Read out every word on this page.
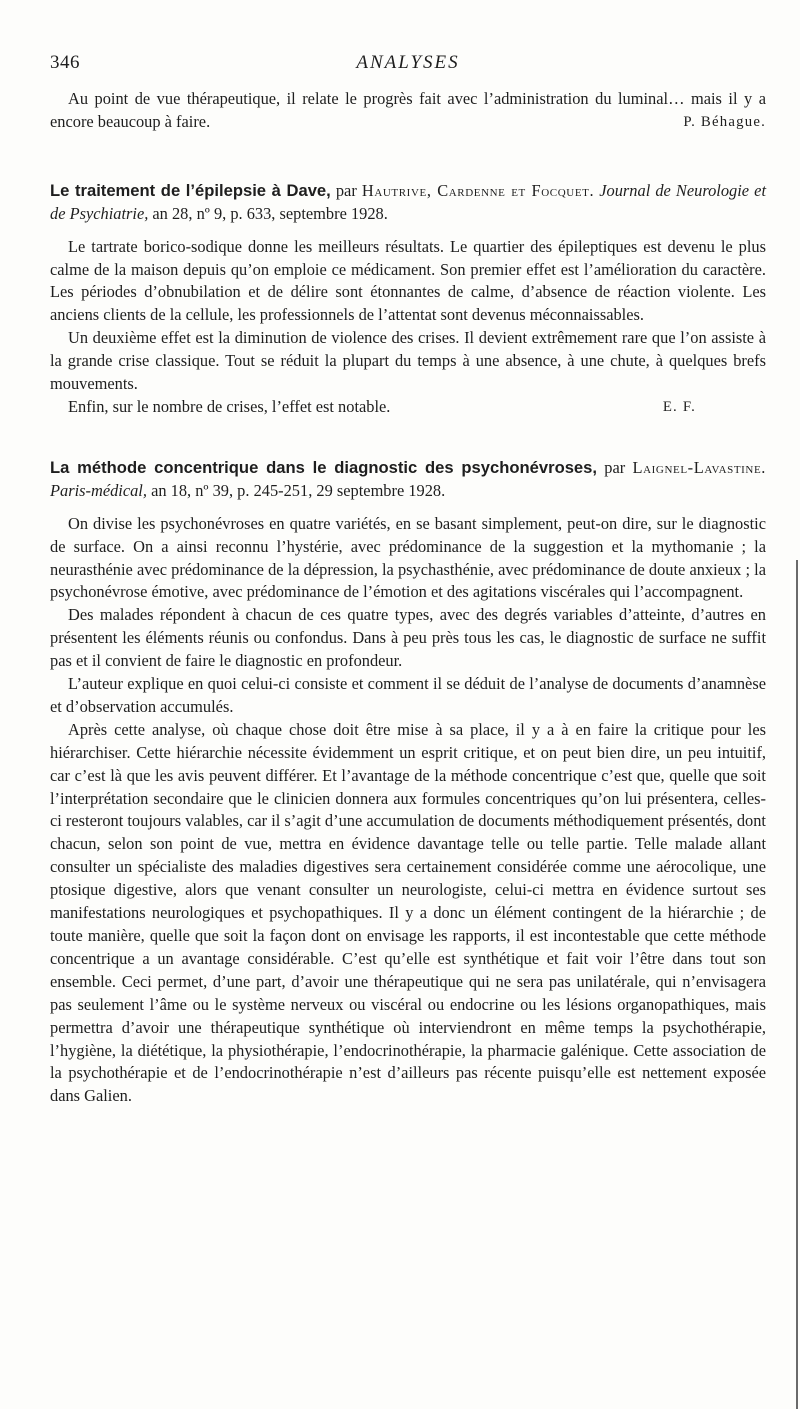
346	ANALYSES

Au point de vue thérapeutique, il relate le progrès fait avec l’administration du luminal… mais il y a encore beaucoup à faire.	P. Béhague.

Le traitement de l’épilepsie à Dave, par Hautrive, Cardenne et Focquet. Journal de Neurologie et de Psychiatrie, an 28, nº 9, p. 633, septembre 1928.

Le tartrate borico-sodique donne les meilleurs résultats. Le quartier des épileptiques est devenu le plus calme de la maison depuis qu’on emploie ce médicament. Son premier effet est l’amélioration du caractère. Les périodes d’obnubilation et de délire sont étonnantes de calme, d’absence de réaction violente. Les anciens clients de la cellule, les professionnels de l’attentat sont devenus méconnaissables.

Un deuxième effet est la diminution de violence des crises. Il devient extrêmement rare que l’on assiste à la grande crise classique. Tout se réduit la plupart du temps à une absence, à une chute, à quelques brefs mouvements.

Enfin, sur le nombre de crises, l’effet est notable.	E. F.

La méthode concentrique dans le diagnostic des psychonévroses, par Laignel-Lavastine. Paris-médical, an 18, nº 39, p. 245-251, 29 septembre 1928.

On divise les psychonévroses en quatre variétés, en se basant simplement, peut-on dire, sur le diagnostic de surface. On a ainsi reconnu l’hystérie, avec prédominance de la suggestion et la mythomanie ; la neurasthénie avec prédominance de la dépression, la psychasthénie, avec prédominance de doute anxieux ; la psychonévrose émotive, avec prédominance de l’émotion et des agitations viscérales qui l’accompagnent.

Des malades répondent à chacun de ces quatre types, avec des degrés variables d’atteinte, d’autres en présentent les éléments réunis ou confondus. Dans à peu près tous les cas, le diagnostic de surface ne suffit pas et il convient de faire le diagnostic en profondeur.

L’auteur explique en quoi celui-ci consiste et comment il se déduit de l’analyse de documents d’anamnèse et d’observation accumulés.

Après cette analyse, où chaque chose doit être mise à sa place, il y a à en faire la critique pour les hiérarchiser. Cette hiérarchie nécessite évidemment un esprit critique, et on peut bien dire, un peu intuitif, car c’est là que les avis peuvent différer. Et l’avantage de la méthode concentrique c’est que, quelle que soit l’interprétation secondaire que le clinicien donnera aux formules concentriques qu’on lui présentera, celles-ci resteront toujours valables, car il s’agit d’une accumulation de documents méthodiquement présentés, dont chacun, selon son point de vue, mettra en évidence davantage telle ou telle partie. Telle malade allant consulter un spécialiste des maladies digestives sera certainement considérée comme une aérocolique, une ptosique digestive, alors que venant consulter un neurologiste, celui-ci mettra en évidence surtout ses manifestations neurologiques et psychopathiques. Il y a donc un élément contingent de la hiérarchie ; de toute manière, quelle que soit la façon dont on envisage les rapports, il est incontestable que cette méthode concentrique a un avantage considérable. C’est qu’elle est synthétique et fait voir l’être dans tout son ensemble. Ceci permet, d’une part, d’avoir une thérapeutique qui ne sera pas unilatérale, qui n’envisagera pas seulement l’âme ou le système nerveux ou viscéral ou endocrine ou les lésions organopathiques, mais permettra d’avoir une thérapeutique synthétique où interviendront en même temps la psychothérapie, l’hygiène, la diététique, la physiothérapie, l’endocrinothérapie, la pharmacie galénique. Cette association de la psychothérapie et de l’endocrinothérapie n’est d’ailleurs pas récente puisqu’elle est nettement exposée dans Galien.
